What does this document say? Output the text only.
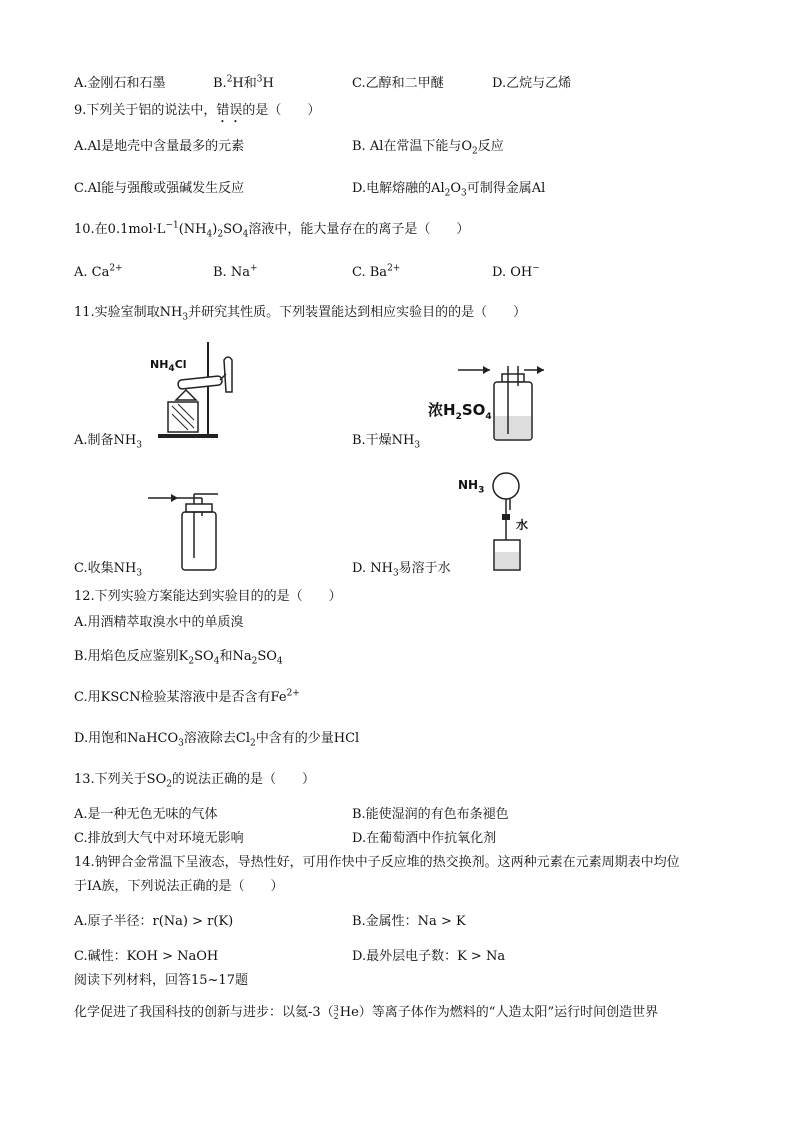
A.金刚石和石墨	B.$^2$H和$^3$H	C.乙醇和二甲醚	D.乙烷与乙烯
9.下列关于铝的说法中，错误的是（　　）
A.Al是地壳中含量最多的元素	B. Al在常温下能与$O_2$反应
C.Al能与强酸或强碱发生反应	D.电解熔融的$Al_2O_3$可制得金属Al
10.在$0.1mol\cdot L^{-1}(NH_4)_2SO_4$溶液中，能大量存在的离子是（　　）
A. $Ca^{2+}$	B. Na+	C. $Ba^{2+}$	D. OH−
11.实验室制取$NH_3$并研究其性质。下列装置能达到相应实验目的的是（　　）
$NH_4Cl$
浓$H_2SO_4$
A.制备$NH_3$	B.干燥$NH_3$
$NH_3$
水
C.收集$NH_3$	D. $NH_3$易溶于水
12.下列实验方案能达到实验目的的是（　　）
A.用酒精萃取溴水中的单质溴
B.用焰色反应鉴别$K_2SO_4$和$Na_2SO_4$
C.用KSCN检验某溶液中是否含有$Fe^{2+}$
D.用饱和NaHCO$_3$溶液除去$Cl_2$中含有的少量HCl
13.下列关于$SO_2$的说法正确的是（　　）
A.是一种无色无味的气体	B.能使湿润的有色布条褪色
C.排放到大气中对环境无影响	D.在葡萄酒中作抗氧化剂
14.钠钾合金常温下呈液态，导热性好，可用作快中子反应堆的热交换剂。这两种元素在元素周期表中均位
于IA族，下列说法正确的是（　　）
A.原子半径：r(Na) > r(K)	B.金属性：Na > K
C.碱性：KOH > NaOH	D.最外层电子数：K > Na
阅读下列材料，回答15~17题
化学促进了我国科技的创新与进步：以氦-3（ 3
2 He）等离子体作为燃料的“人造太阳”运行时间创造世界
